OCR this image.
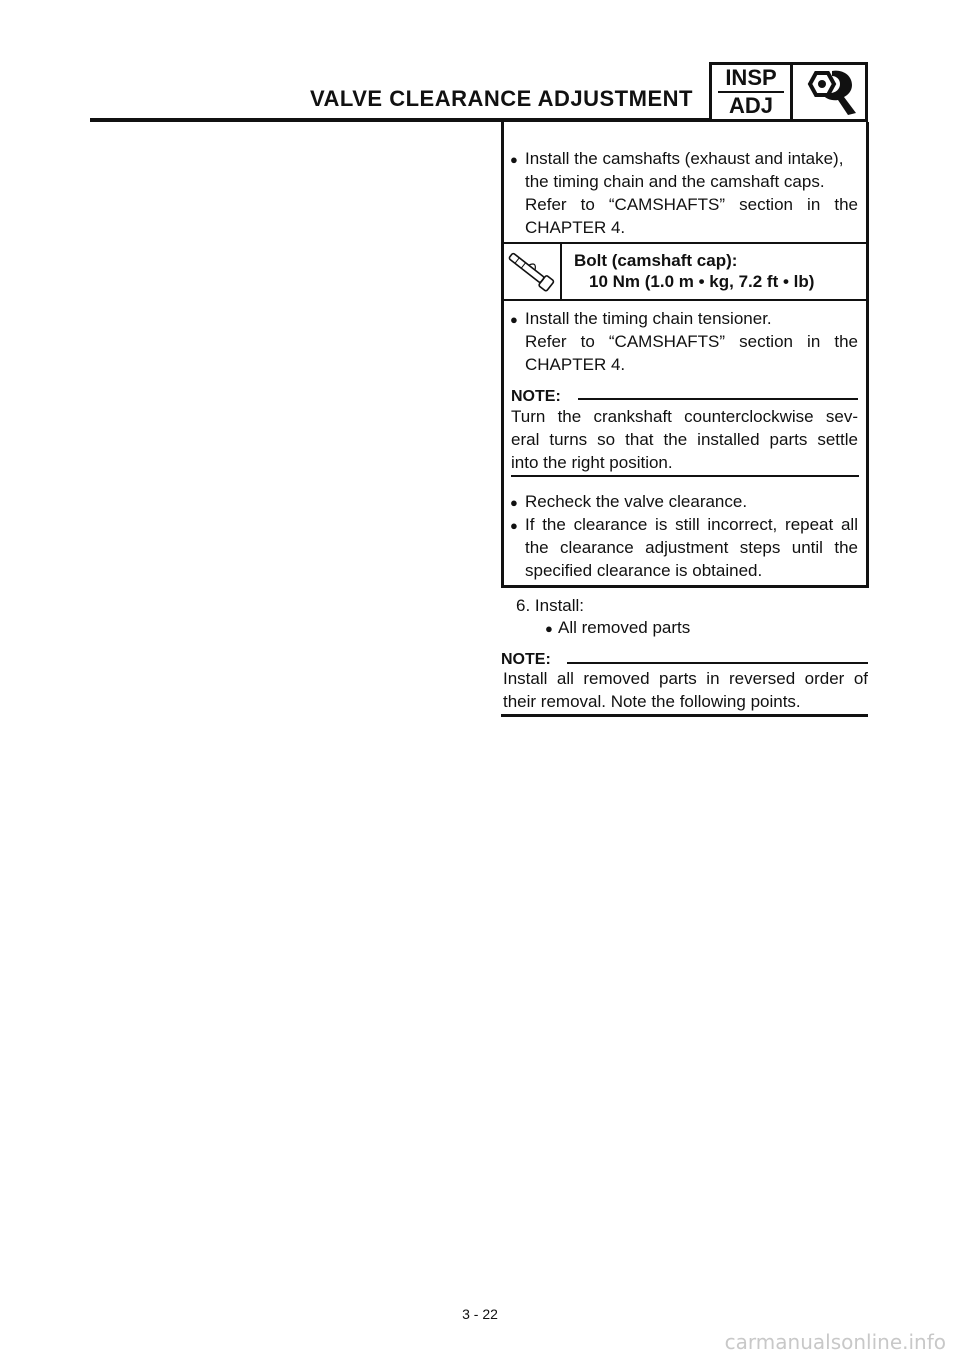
VALVE CLEARANCE ADJUSTMENT
INSP
ADJ
● Install the camshafts (exhaust and intake),
the timing chain and the camshaft caps.
Refer to “CAMSHAFTS” section in the
CHAPTER 4.
Bolt (camshaft cap):
10 Nm (1.0 m • kg, 7.2 ft • lb)
● Install the timing chain tensioner.
Refer to “CAMSHAFTS” section in the
CHAPTER 4.
NOTE:
Turn the crankshaft counterclockwise sev-
eral turns so that the installed parts settle
into the right position.
● Recheck the valve clearance.
● If the clearance is still incorrect, repeat all
the clearance adjustment steps until the
specified clearance is obtained.
6. Install:
● All removed parts
NOTE:
Install all removed parts in reversed order of
their removal. Note the following points.
3 - 22
carmanualsonline.info
